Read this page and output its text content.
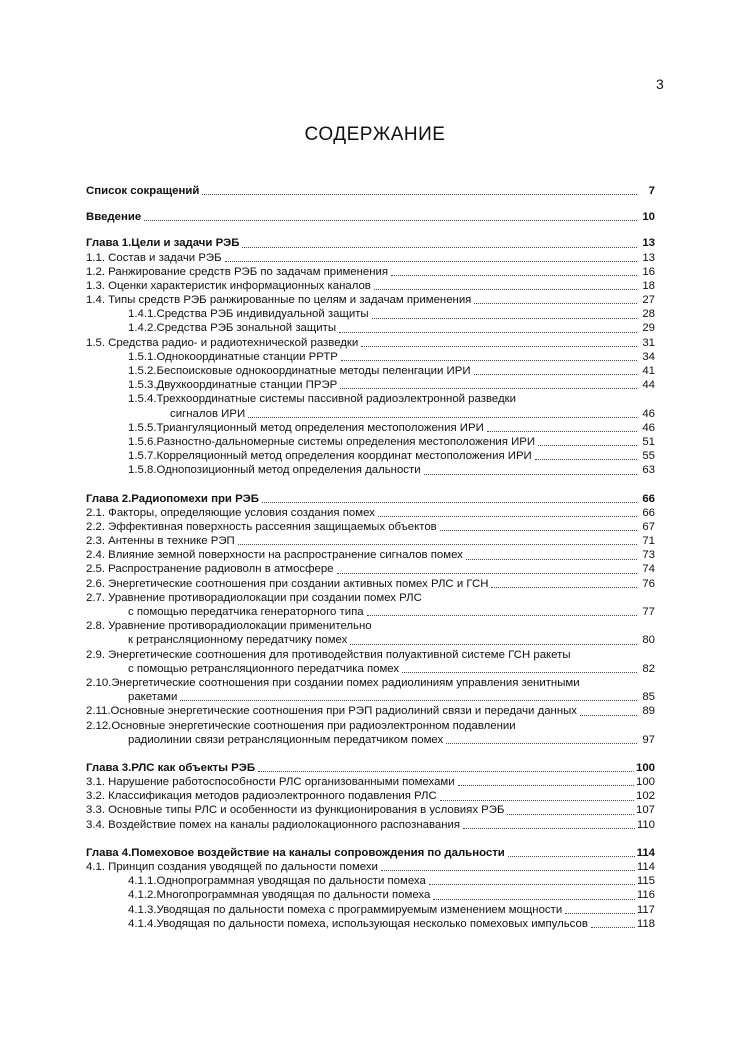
3
СОДЕРЖАНИЕ
Список сокращений	7
Введение	10
Глава 1.Цели и задачи РЭБ	13
1.1. Состав и задачи РЭБ	13
1.2. Ранжирование средств РЭБ по задачам применения	16
1.3. Оценки характеристик информационных каналов	18
1.4. Типы средств РЭБ ранжированные по целям и задачам применения	27
1.4.1.Средства РЭБ индивидуальной защиты	28
1.4.2.Средства РЭБ зональной защиты	29
1.5. Средства радио- и радиотехнической разведки	31
1.5.1.Однокоординатные станции РРТР	34
1.5.2.Беспоисковые однокоординатные методы пеленгации ИРИ	41
1.5.3.Двухкоординатные станции ПРЭР	44
1.5.4.Трехкоординатные системы пассивной радиоэлектронной разведки
сигналов ИРИ	46
1.5.5.Триангуляционный метод определения местоположения ИРИ	46
1.5.6.Разностно-дальномерные системы определения местоположения ИРИ	51
1.5.7.Корреляционный метод определения координат местоположения ИРИ	55
1.5.8.Однопозиционный метод определения дальности	63
Глава 2.Радиопомехи при РЭБ	66
2.1. Факторы, определяющие условия создания помех	66
2.2. Эффективная поверхность рассеяния защищаемых объектов	67
2.3. Антенны в технике РЭП	71
2.4. Влияние земной поверхности на распространение сигналов помех	73
2.5. Распространение радиоволн в атмосфере	74
2.6. Энергетические соотношения при создании активных помех РЛС и ГСН	76
2.7. Уравнение противорадиолокации при создании помех РЛС
с помощью передатчика генераторного типа	77
2.8. Уравнение противорадиолокации применительно
к ретрансляционному передатчику помех	80
2.9. Энергетические соотношения для противодействия полуактивной системе ГСН ракеты
с помощью ретрансляционного передатчика помех	82
2.10.Энергетические соотношения при создании помех радиолиниям управления зенитными
ракетами	85
2.11.Основные энергетические соотношения при РЭП радиолиний связи и передачи данных	89
2.12.Основные энергетические соотношения при радиоэлектронном подавлении
радиолинии связи ретрансляционным передатчиком помех	97
Глава 3.РЛС как объекты РЭБ	100
3.1. Нарушение работоспособности РЛС организованными помехами	100
3.2. Классификация методов радиоэлектронного подавления РЛС	102
3.3. Основные типы РЛС и особенности из функционирования в условиях РЭБ	107
3.4. Воздействие помех на каналы радиолокационного распознавания	110
Глава 4.Помеховое воздействие на каналы сопровождения по дальности	114
4.1. Принцип создания уводящей по дальности помехи	114
4.1.1.Однопрограммная уводящая по дальности помеха	115
4.1.2.Многопрограммная уводящая по дальности помеха	116
4.1.3.Уводящая по дальности помеха с программируемым изменением мощности	117
4.1.4.Уводящая по дальности помеха, использующая несколько помеховых импульсов	118
